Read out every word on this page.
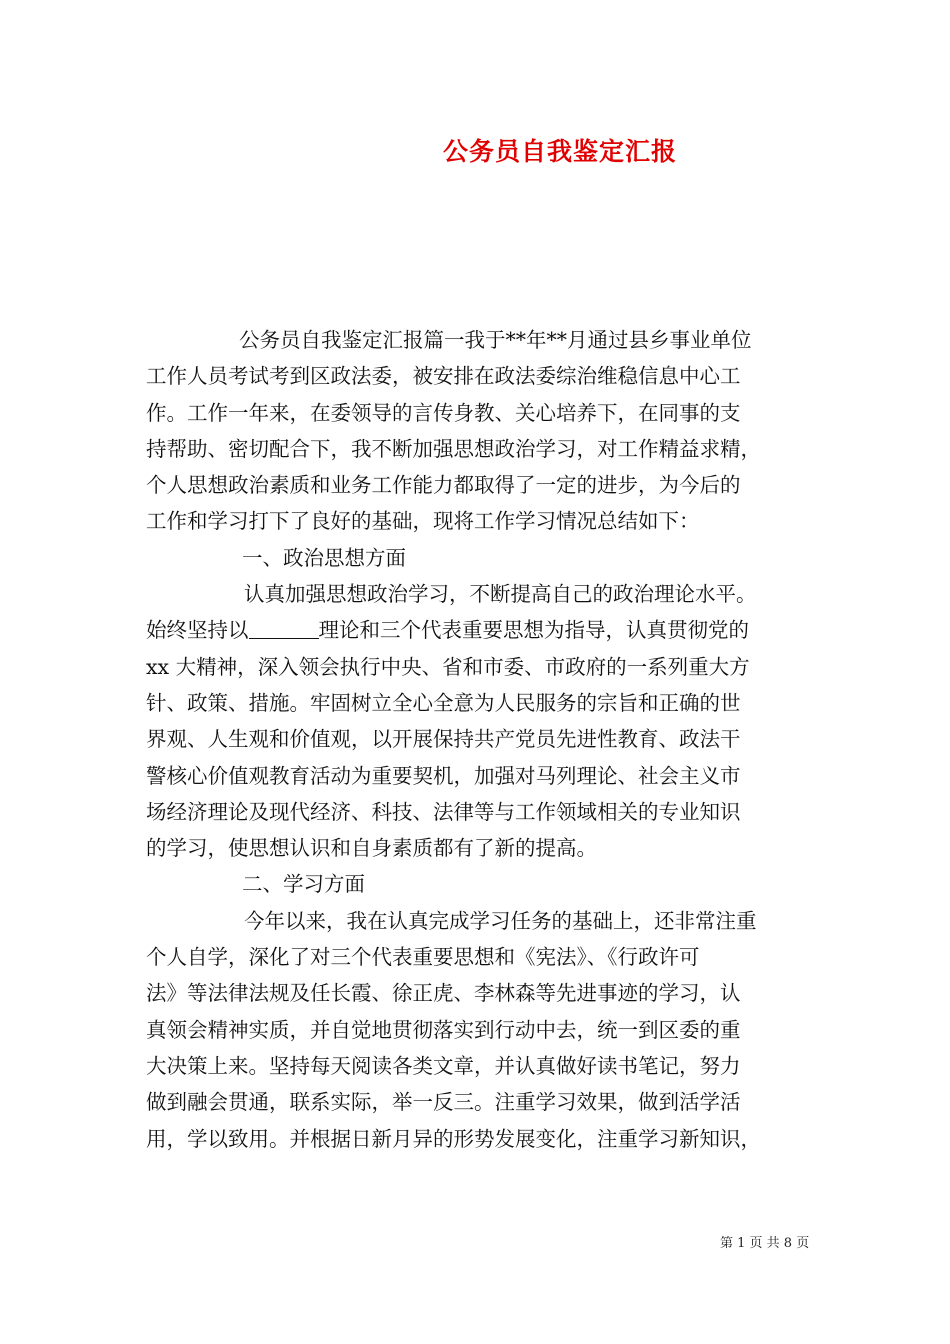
公务员自我鉴定汇报
公务员自我鉴定汇报篇一我于**年**月通过县乡事业单位
工作人员考试考到区政法委，被安排在政法委综治维稳信息中心工
作。工作一年来，在委领导的言传身教、关心培养下，在同事的支
持帮助、密切配合下，我不断加强思想政治学习，对工作精益求精，
个人思想政治素质和业务工作能力都取得了一定的进步，为今后的
工作和学习打下了良好的基础，现将工作学习情况总结如下：
一、政治思想方面
认真加强思想政治学习，不断提高自己的政治理论水平。
始终坚持以	理论和三个代表重要思想为指导，认真贯彻党的
xx 大精神，深入领会执行中央、省和市委、市政府的一系列重大方
针、政策、措施。牢固树立全心全意为人民服务的宗旨和正确的世
界观、人生观和价值观，以开展保持共产党员先进性教育、政法干
警核心价值观教育活动为重要契机，加强对马列理论、社会主义市
场经济理论及现代经济、科技、法律等与工作领域相关的专业知识
的学习，使思想认识和自身素质都有了新的提高。
二、学习方面
今年以来，我在认真完成学习任务的基础上，还非常注重
个人自学，深化了对三个代表重要思想和《宪法》、《行政许可
法》等法律法规及任长霞、徐正虎、李林森等先进事迹的学习，认
真领会精神实质，并自觉地贯彻落实到行动中去，统一到区委的重
大决策上来。坚持每天阅读各类文章，并认真做好读书笔记，努力
做到融会贯通，联系实际，举一反三。注重学习效果，做到活学活
用，学以致用。并根据日新月异的形势发展变化，注重学习新知识，
第 1 页 共 8 页
